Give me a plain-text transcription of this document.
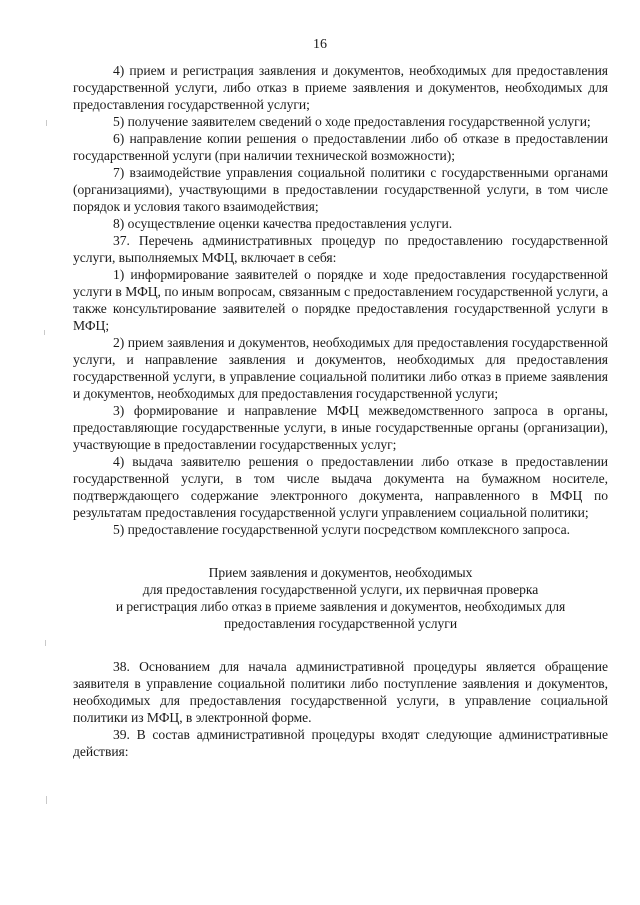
16

4) прием и регистрация заявления и документов, необходимых для предоставления государственной услуги, либо отказ в приеме заявления и документов, необходимых для предоставления государственной услуги;

5) получение заявителем сведений о ходе предоставления государственной услуги;

6) направление копии решения о предоставлении либо об отказе в предоставлении государственной услуги (при наличии технической возможности);

7) взаимодействие управления социальной политики с государственными органами (организациями), участвующими в предоставлении государственной услуги, в том числе порядок и условия такого взаимодействия;

8) осуществление оценки качества предоставления услуги.

37. Перечень административных процедур по предоставлению государственной услуги, выполняемых МФЦ, включает в себя:

1) информирование заявителей о порядке и ходе предоставления государственной услуги в МФЦ, по иным вопросам, связанным с предоставлением государственной услуги, а также консультирование заявителей о порядке предоставления государственной услуги в МФЦ;

2) прием заявления и документов, необходимых для предоставления государственной услуги, и направление заявления и документов, необходимых для предоставления государственной услуги, в управление социальной политики либо отказ в приеме заявления и документов, необходимых для предоставления государственной услуги;

3) формирование и направление МФЦ межведомственного запроса в органы, предоставляющие государственные услуги, в иные государственные органы (организации), участвующие в предоставлении государственных услуг;

4) выдача заявителю решения о предоставлении либо отказе в предоставлении государственной услуги, в том числе выдача документа на бумажном носителе, подтверждающего содержание электронного документа, направленного в МФЦ по результатам предоставления государственной услуги управлением социальной политики;

5) предоставление государственной услуги посредством комплексного запроса.

Прием заявления и документов, необходимых
для предоставления государственной услуги, их первичная проверка
и регистрация либо отказ в приеме заявления и документов, необходимых для
предоставления государственной услуги

38. Основанием для начала административной процедуры является обращение заявителя в управление социальной политики либо поступление заявления и документов, необходимых для предоставления государственной услуги, в управление социальной политики из МФЦ, в электронной форме.

39. В состав административной процедуры входят следующие административные действия:
